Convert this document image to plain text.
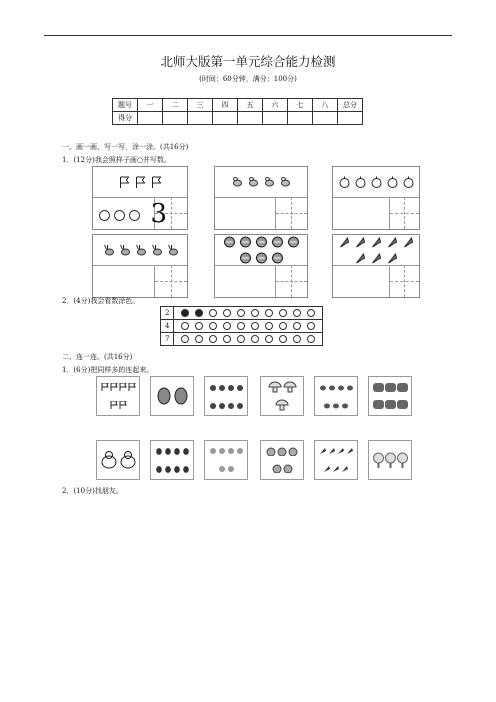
北师大版第一单元综合能力检测
(时间：60分钟，满分：100分)
题号	一	二	三	四	五	六	七	八	总分
得分									
一、画一画，写一写，涂一涂。(共16分)
1．(12分)我会照样子画○并写数。
3
2．(4分)我会看数涂色。
2	
4	
7	
二、连一连。(共16分)
1．(6分)把同样多的连起来。
2．(10分)找朋友。
